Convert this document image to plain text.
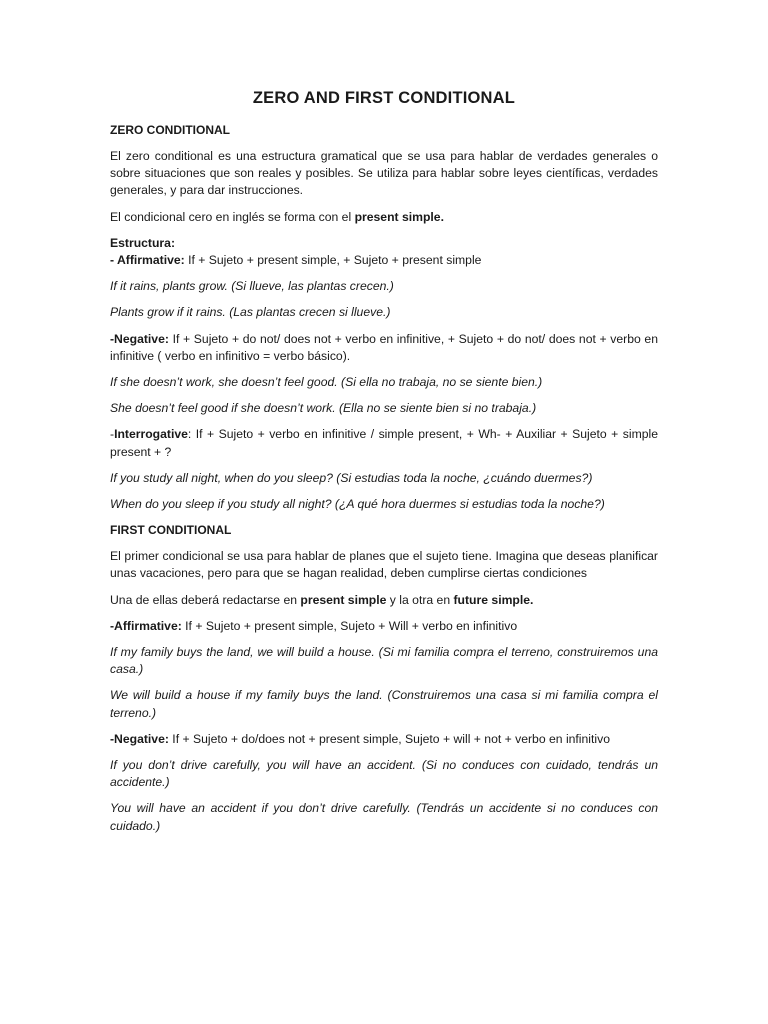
ZERO AND FIRST CONDITIONAL
ZERO CONDITIONAL

El zero conditional es una estructura gramatical que se usa para hablar de verdades generales o sobre situaciones que son reales y posibles. Se utiliza para hablar sobre leyes científicas, verdades generales, y para dar instrucciones.

El condicional cero en inglés se forma con el present simple.

Estructura:

- Affirmative: If + Sujeto + present simple, + Sujeto + present simple

If it rains, plants grow. (Si llueve, las plantas crecen.)

Plants grow if it rains. (Las plantas crecen si llueve.)

-Negative: If + Sujeto + do not/ does not + verbo en infinitive, + Sujeto + do not/ does not + verbo en infinitive ( verbo en infinitivo = verbo básico).

If she doesn’t work, she doesn’t feel good. (Si ella no trabaja, no se siente bien.)

She doesn’t feel good if she doesn’t work. (Ella no se siente bien si no trabaja.)

-Interrogative: If + Sujeto + verbo en infinitive / simple present, + Wh- + Auxiliar + Sujeto + simple present + ?

If you study all night, when do you sleep? (Si estudias toda la noche, ¿cuándo duermes?)

When do you sleep if you study all night? (¿A qué hora duermes si estudias toda la noche?)

FIRST CONDITIONAL

El primer condicional se usa para hablar de planes que el sujeto tiene. Imagina que deseas planificar unas vacaciones, pero para que se hagan realidad, deben cumplirse ciertas condiciones

Una de ellas deberá redactarse en present simple y la otra en future simple.

-Affirmative: If + Sujeto + present simple, Sujeto + Will + verbo en infinitivo

If my family buys the land, we will build a house. (Si mi familia compra el terreno, construiremos una casa.)

We will build a house if my family buys the land. (Construiremos una casa si mi familia compra el terreno.)

-Negative: If + Sujeto + do/does not + present simple, Sujeto + will + not + verbo en infinitivo

If you don’t drive carefully, you will have an accident. (Si no conduces con cuidado, tendrás un accidente.)

You will have an accident if you don’t drive carefully. (Tendrás un accidente si no conduces con cuidado.)
